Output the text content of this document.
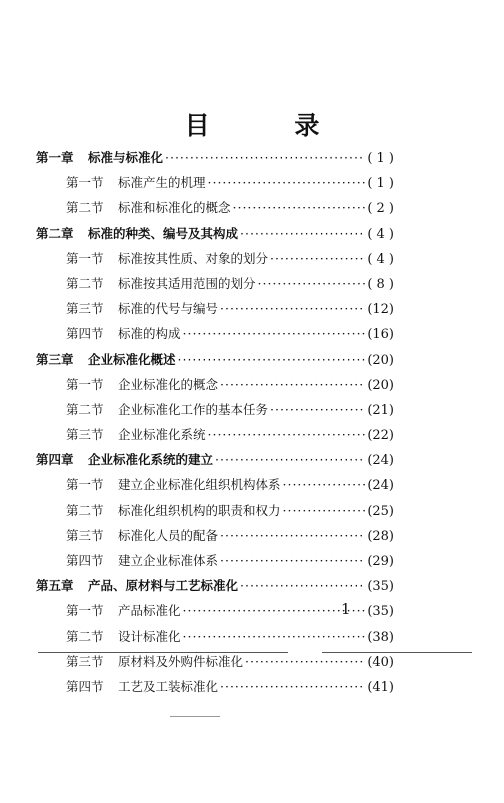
目 录
第一章	标准与标准化 ·····	( 1 )
第一节	标准产生的机理 ·····	( 1 )
第二节	标准和标准化的概念 ·····	( 2 )
第二章	标准的种类、编号及其构成 ·····	( 4 )
第一节	标准按其性质、对象的划分 ·····	( 4 )
第二节	标准按其适用范围的划分 ·····	( 8 )
第三节	标准的代号与编号 ·····	(12)
第四节	标准的构成 ·····	(16)
第三章	企业标准化概述 ·····	(20)
第一节	企业标准化的概念 ·····	(20)
第二节	企业标准化工作的基本任务 ·····	(21)
第三节	企业标准化系统 ·····	(22)
第四章	企业标准化系统的建立 ·····	(24)
第一节	建立企业标准化组织机构体系 ·····	(24)
第二节	标准化组织机构的职责和权力 ·····	(25)
第三节	标准化人员的配备 ·····	(28)
第四节	建立企业标准体系 ·····	(29)
第五章	产品、原材料与工艺标准化 ·····	(35)
第一节	产品标准化 ·····	(35)
第二节	设计标准化 ·····	(38)
第三节	原材料及外购件标准化 ·····	(40)
第四节	工艺及工装标准化 ·····	(41)
1
